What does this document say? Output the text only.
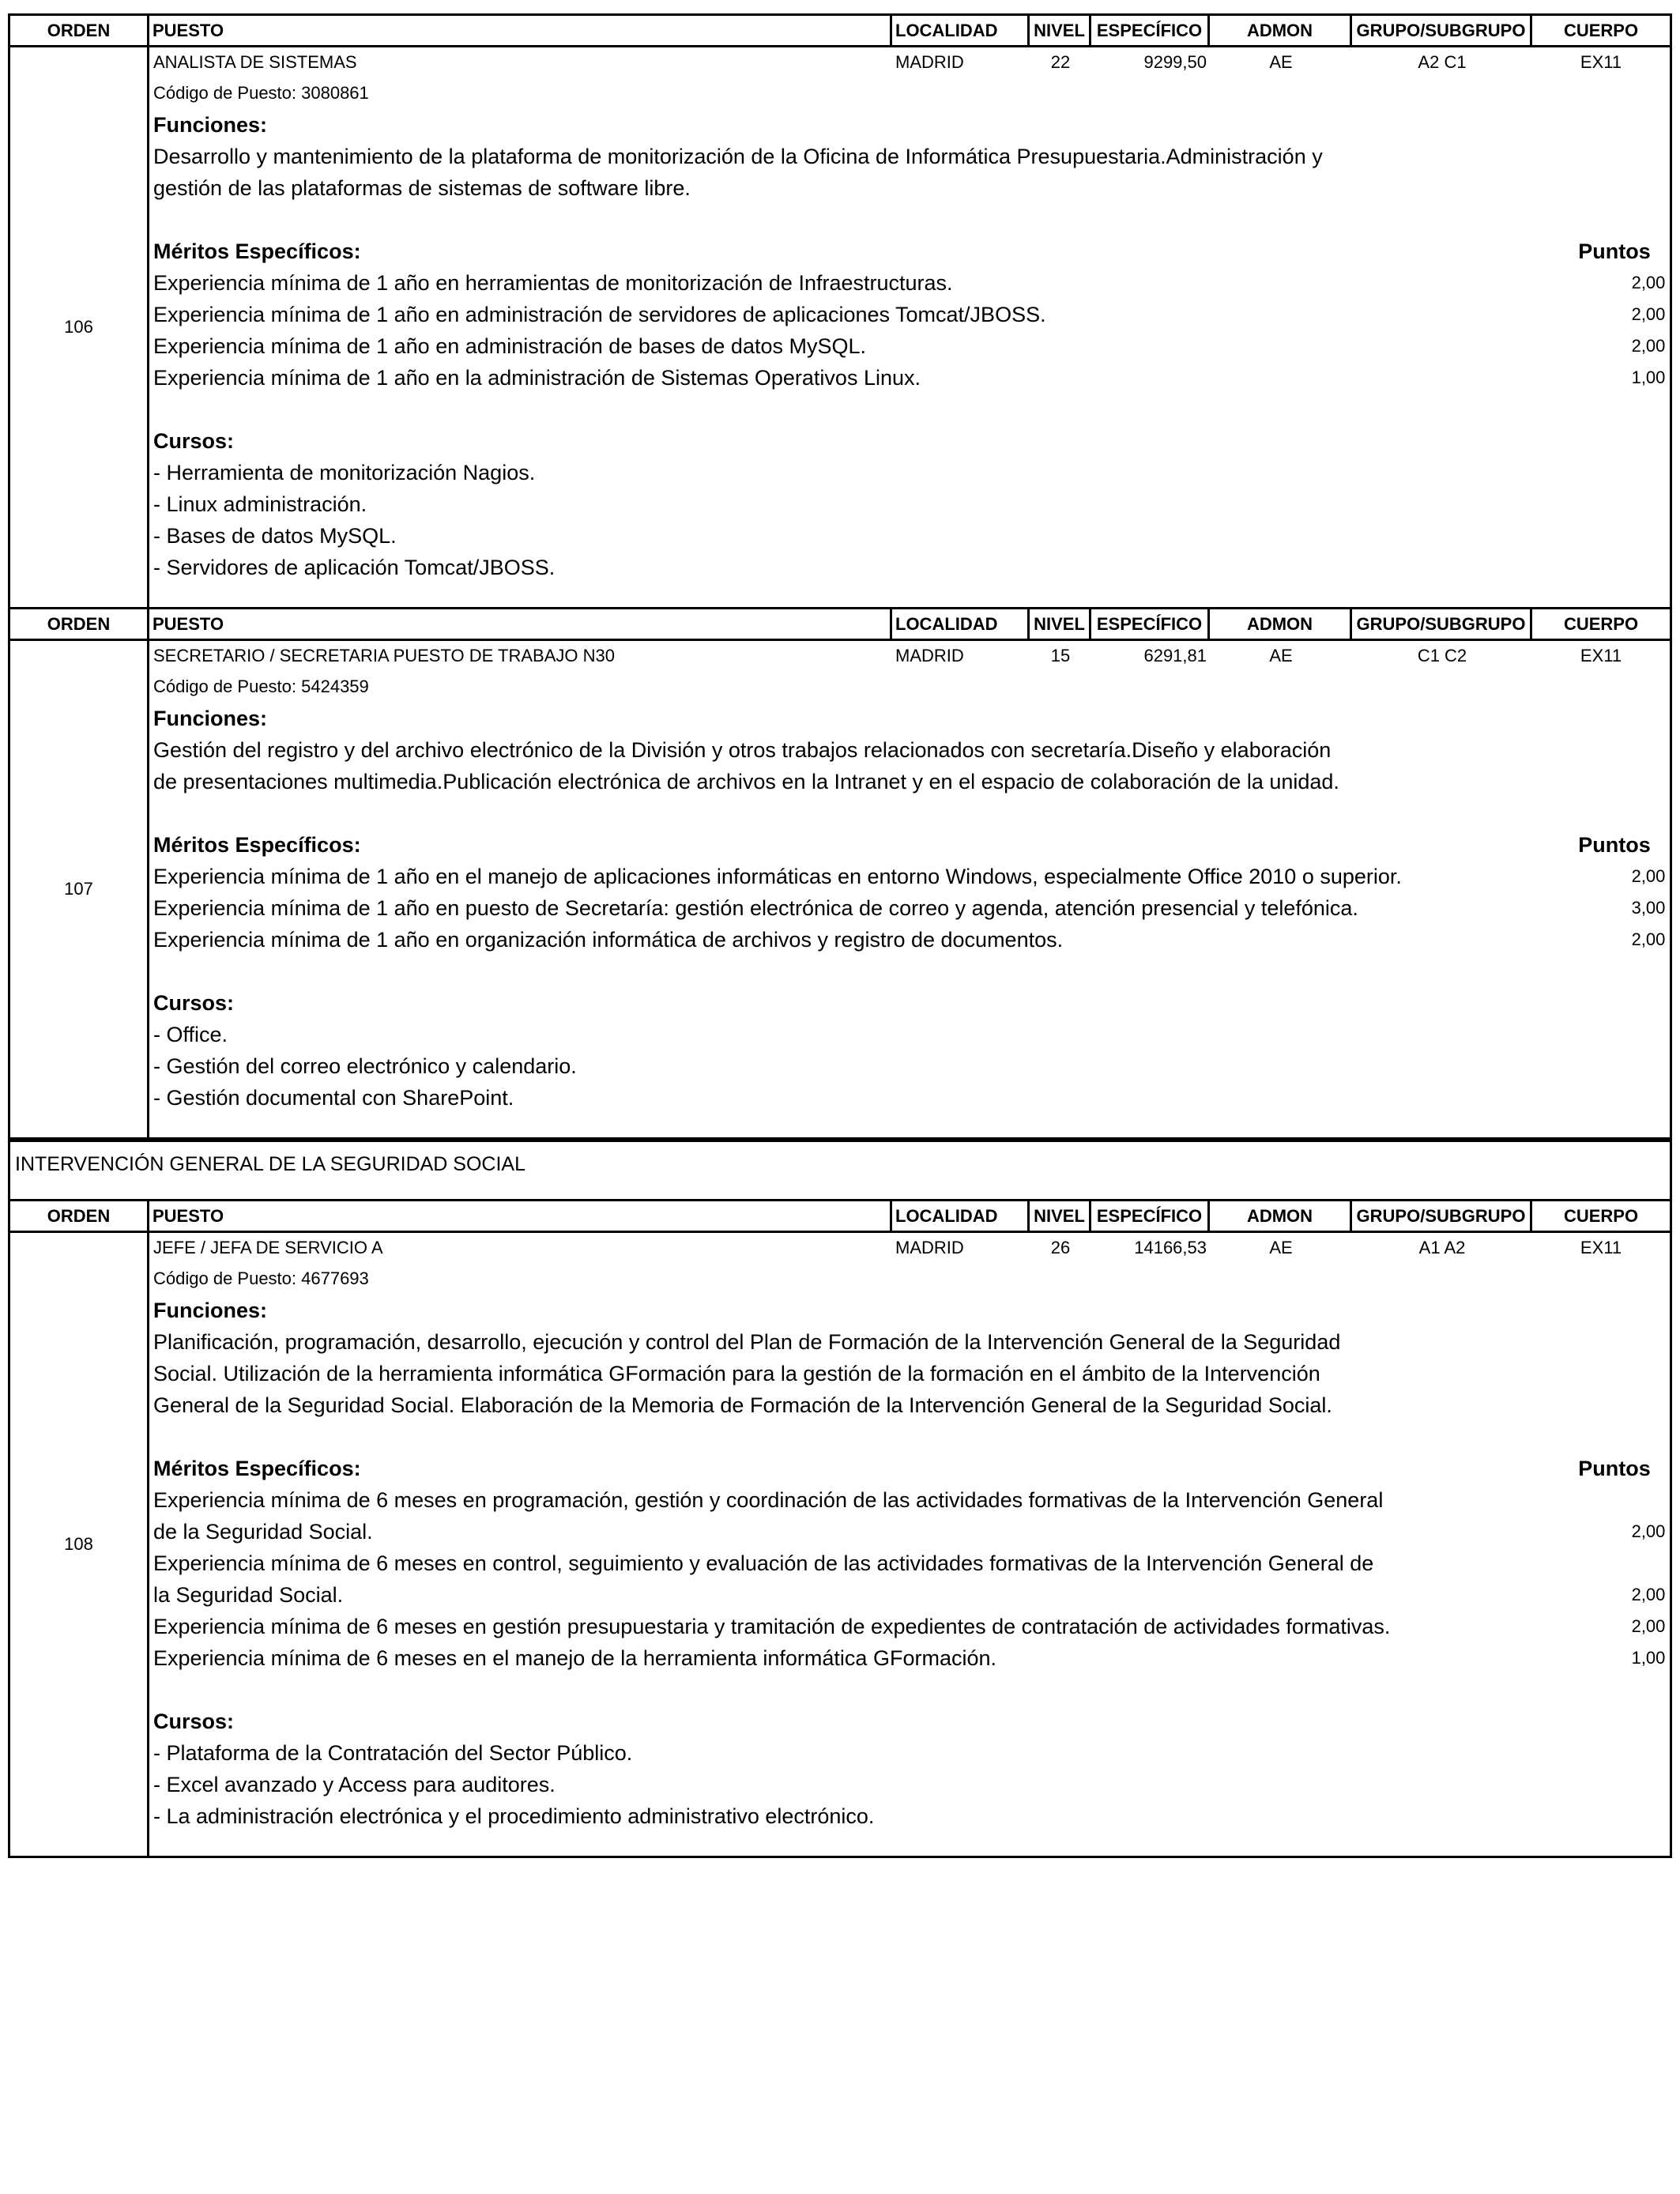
ORDEN	PUESTO	LOCALIDAD	NIVEL ESPECÍFICO	ADMON	GRUPO/SUBGRUPO	CUERPO
106
ANALISTA DE SISTEMAS	MADRID	22	9299,50	AE	A2 C1	EX11
Código de Puesto: 3080861
Funciones:
Desarrollo y mantenimiento de la plataforma de monitorización de la Oficina de Informática Presupuestaria.Administración y
gestión de las plataformas de sistemas de software libre.
Méritos Específicos:	Puntos
Experiencia mínima de 1 año en herramientas de monitorización de Infraestructuras.	2,00
Experiencia mínima de 1 año en administración de servidores de aplicaciones Tomcat/JBOSS.	2,00
Experiencia mínima de 1 año en administración de bases de datos MySQL.	2,00
Experiencia mínima de 1 año en la administración de Sistemas Operativos Linux.	1,00
Cursos:
- Herramienta de monitorización Nagios.
- Linux administración.
- Bases de datos MySQL.
- Servidores de aplicación Tomcat/JBOSS.
ORDEN	PUESTO	LOCALIDAD	NIVEL ESPECÍFICO	ADMON	GRUPO/SUBGRUPO	CUERPO
107
SECRETARIO / SECRETARIA PUESTO DE TRABAJO N30	MADRID	15	6291,81	AE	C1 C2	EX11
Código de Puesto: 5424359
Funciones:
Gestión del registro y del archivo electrónico de la División y otros trabajos relacionados con secretaría.Diseño y elaboración
de presentaciones multimedia.Publicación electrónica de archivos en la Intranet y en el espacio de colaboración de la unidad.
Méritos Específicos:	Puntos
Experiencia mínima de 1 año en el manejo de aplicaciones informáticas en entorno Windows, especialmente Office 2010 o superior.	2,00
Experiencia mínima de 1 año en puesto de Secretaría: gestión electrónica de correo y agenda, atención presencial y telefónica.	3,00
Experiencia mínima de 1 año en organización informática de archivos y registro de documentos.	2,00
Cursos:
- Office.
- Gestión del correo electrónico y calendario.
- Gestión documental con SharePoint.
INTERVENCIÓN GENERAL DE LA SEGURIDAD SOCIAL
ORDEN	PUESTO	LOCALIDAD	NIVEL ESPECÍFICO	ADMON	GRUPO/SUBGRUPO	CUERPO
108
JEFE / JEFA DE SERVICIO A	MADRID	26	14166,53	AE	A1 A2	EX11
Código de Puesto: 4677693
Funciones:
Planificación, programación, desarrollo, ejecución y control del Plan de Formación de la Intervención General de la Seguridad
Social. Utilización de la herramienta informática GFormación para la gestión de la formación en el ámbito de la Intervención
General de la Seguridad Social. Elaboración de la Memoria de Formación de la Intervención General de la Seguridad Social.
Méritos Específicos:	Puntos
Experiencia mínima de 6 meses en programación, gestión y coordinación de las actividades formativas de la Intervención General
de la Seguridad Social.	2,00
Experiencia mínima de 6 meses en control, seguimiento y evaluación de las actividades formativas de la Intervención General de
la Seguridad Social.	2,00
Experiencia mínima de 6 meses en gestión presupuestaria y tramitación de expedientes de contratación de actividades formativas.	2,00
Experiencia mínima de 6 meses en el manejo de la herramienta informática GFormación.	1,00
Cursos:
- Plataforma de la Contratación del Sector Público.
- Excel avanzado y Access para auditores.
- La administración electrónica y el procedimiento administrativo electrónico.
